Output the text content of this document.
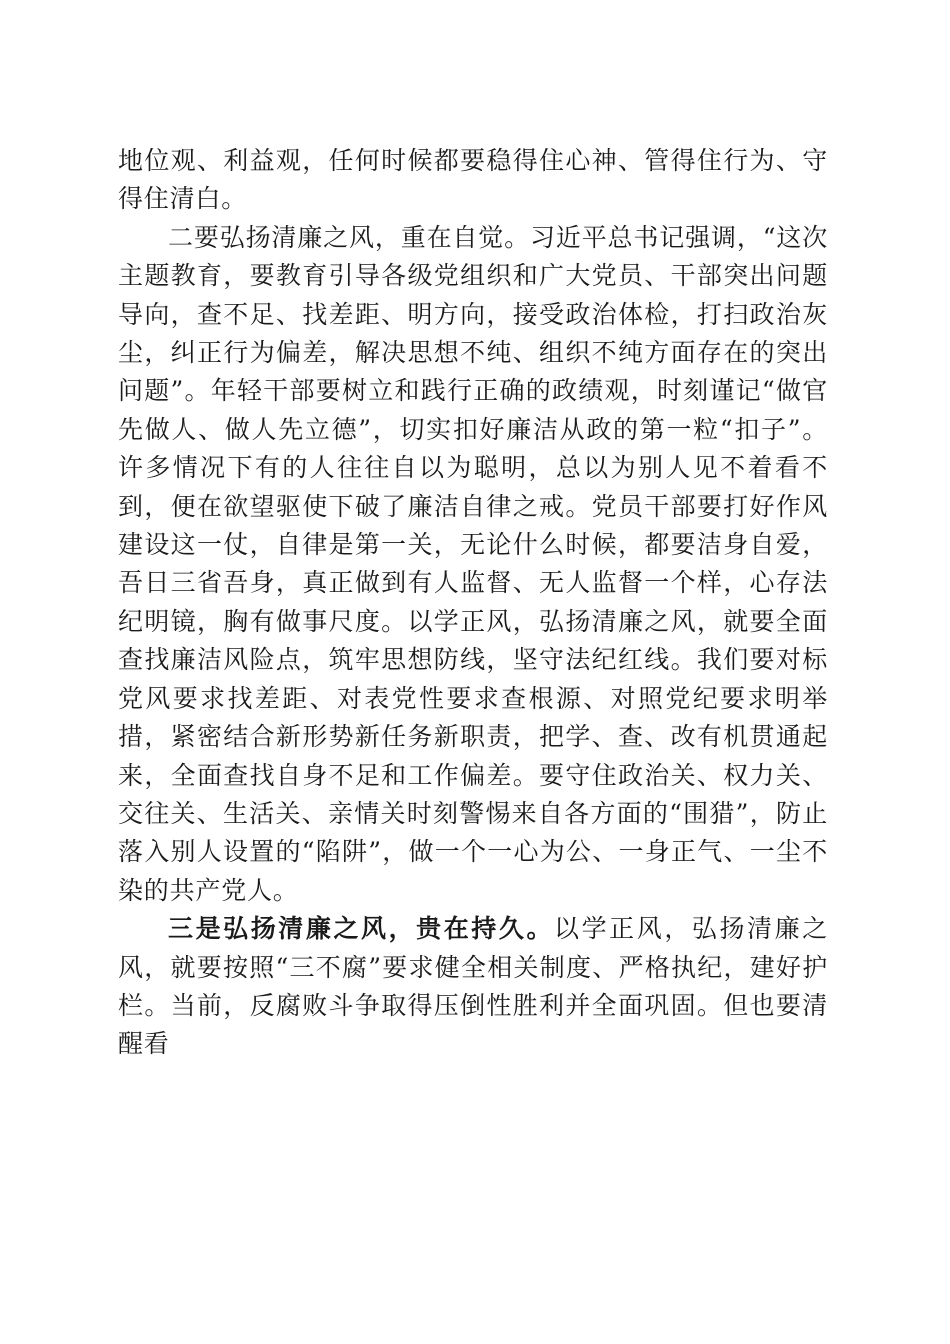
地位观、利益观，任何时候都要稳得住心神、管得住行为、守得住清白。

二要弘扬清廉之风，重在自觉。习近平总书记强调，“这次主题教育，要教育引导各级党组织和广大党员、干部突出问题导向，查不足、找差距、明方向，接受政治体检，打扫政治灰尘，纠正行为偏差，解决思想不纯、组织不纯方面存在的突出问题”。年轻干部要树立和践行正确的政绩观，时刻谨记“做官先做人、做人先立德”，切实扣好廉洁从政的第一粒“扣子”。许多情况下有的人往往自以为聪明，总以为别人见不着看不到，便在欲望驱使下破了廉洁自律之戒。党员干部要打好作风建设这一仗，自律是第一关，无论什么时候，都要洁身自爱，吾日三省吾身，真正做到有人监督、无人监督一个样，心存法纪明镜，胸有做事尺度。以学正风，弘扬清廉之风，就要全面查找廉洁风险点，筑牢思想防线，坚守法纪红线。我们要对标党风要求找差距、对表党性要求查根源、对照党纪要求明举措，紧密结合新形势新任务新职责，把学、查、改有机贯通起来，全面查找自身不足和工作偏差。要守住政治关、权力关、交往关、生活关、亲情关时刻警惕来自各方面的“围猎”，防止落入别人设置的“陷阱”，做一个一心为公、一身正气、一尘不染的共产党人。

三是弘扬清廉之风，贵在持久。以学正风，弘扬清廉之风，就要按照“三不腐”要求健全相关制度、严格执纪，建好护栏。当前，反腐败斗争取得压倒性胜利并全面巩固。但也要清醒看
